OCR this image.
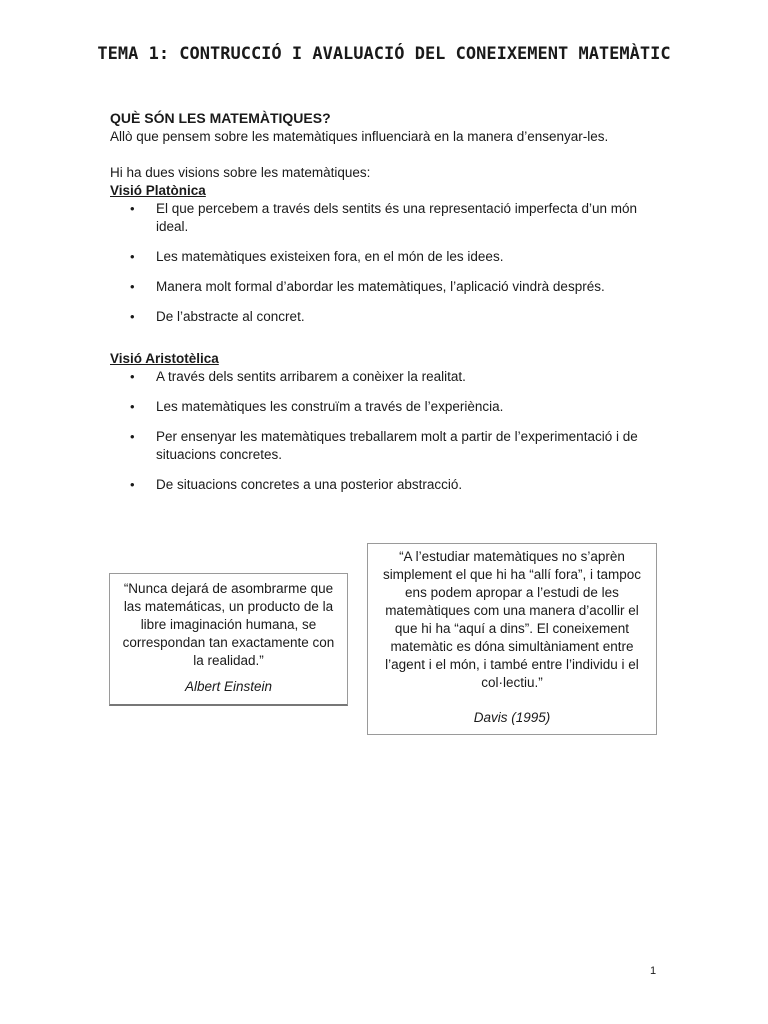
TEMA 1: CONTRUCCIÓ I AVALUACIÓ DEL CONEIXEMENT MATEMÀTIC
QUÈ SÓN LES MATEMÀTIQUES?

Allò que pensem sobre les matemàtiques influenciarà en la manera d’ensenyar-les.

Hi ha dues visions sobre les matemàtiques:

Visió Platònica

• El que percebem a través dels sentits és una representació imperfecta d’un món ideal.
• Les matemàtiques existeixen fora, en el món de les idees.
• Manera molt formal d’abordar les matemàtiques, l’aplicació vindrà després.
• De l’abstracte al concret.

Visió Aristotèlica

• A través dels sentits arribarem a conèixer la realitat.
• Les matemàtiques les construïm a través de l’experiència.
• Per ensenyar les matemàtiques treballarem molt a partir de l’experimentació i de situacions concretes.
• De situacions concretes a una posterior abstracció.

“Nunca dejará de asombrarme que las matemáticas, un producto de la libre imaginación humana, se correspondan tan exactamente con la realidad.”

Albert Einstein

“A l’estudiar matemàtiques no s’aprèn simplement el que hi ha “allí fora”, i tampoc ens podem apropar a l’estudi de les matemàtiques com una manera d’acollir el que hi ha “aquí a dins”. El coneixement matemàtic es dóna simultàniament entre l’agent i el món, i també entre l’individu i el col·lectiu.”

Davis (1995)

1
